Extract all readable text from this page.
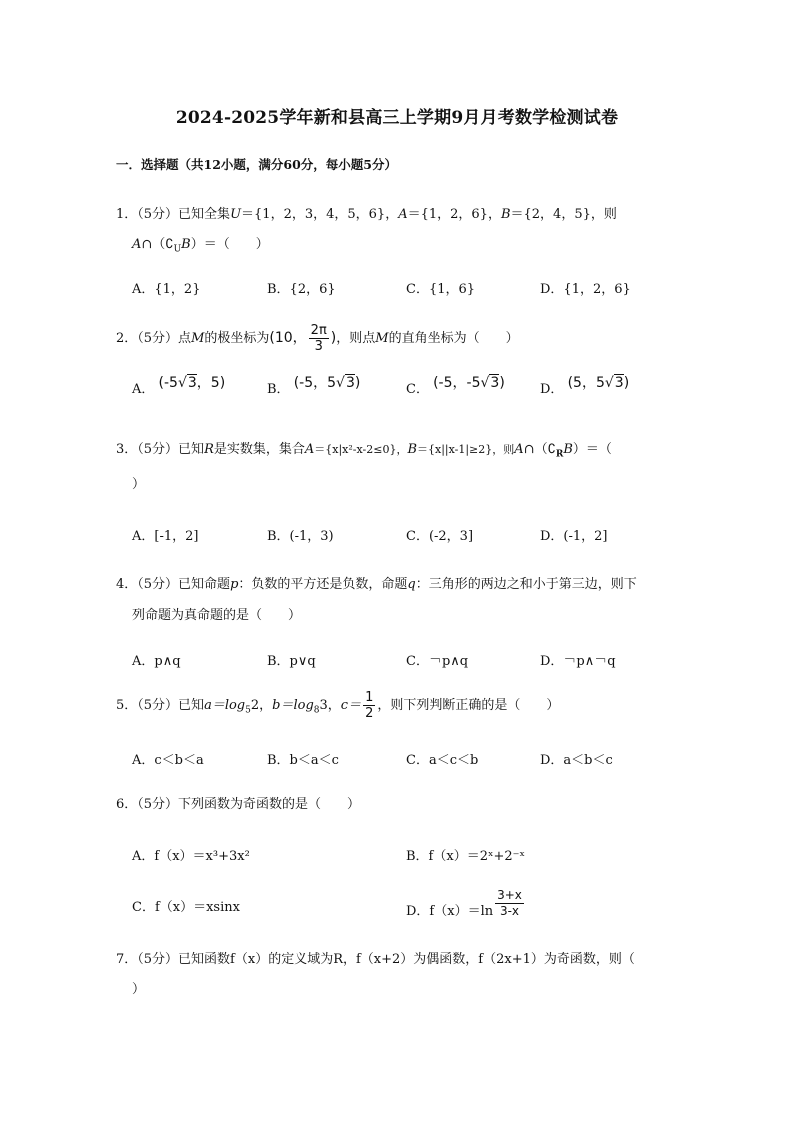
2024-2025学年新和县高三上学期9月月考数学检测试卷
一．选择题（共12小题，满分60分，每小题5分）
1．（5分）已知全集U＝{1，2，3，4，5，6}，A＝{1，2，6}，B＝{2，4，5}，则
$A\cap(∁_UB)=$（　　）
A．{1，2}	B．{2，6}	C．{1，6}	D．{1，2，6}
2．（5分）点M的极坐标为(10， $\frac{2\pi}{3}$ )，则点M的直角坐标为（　　）
A． (-5√3，5)	B． (-5，5√3)	C． (-5，-5√3)	D． (5，5√3)
3．（5分）已知R是实数集，集合A＝{x|x²-x-2≤0}，B＝{x||x-1|≥2}，则$A\cap(∁_RB)=$（
）
A．[-1，2]	B．(-1，3)	C．(-2，3]	D．(-1，2]
4．（5分）已知命题p：负数的平方还是负数，命题q：三角形的两边之和小于第三边，则下
列命题为真命题的是（　　）
A．p∧q	B．p∨q	C．￢p∧q	D．￢p∧￢q
5．（5分）已知$a=\log_52$，$b=\log_83$，$c= \frac{1}{2}$ ，则下列判断正确的是（　　）
A．c＜b＜a	B．b＜a＜c	C．a＜c＜b	D．a＜b＜c
6．（5分）下列函数为奇函数的是（　　）
A．f（x）＝x³+3x²	B．f（x）＝2ˣ+2⁻ˣ
C．f（x）＝xsinx	D．$f(x)=\ln \frac{3+x}{3-x}$
7．（5分）已知函数f（x）的定义域为R，f（x+2）为偶函数，f（2x+1）为奇函数，则（
）
